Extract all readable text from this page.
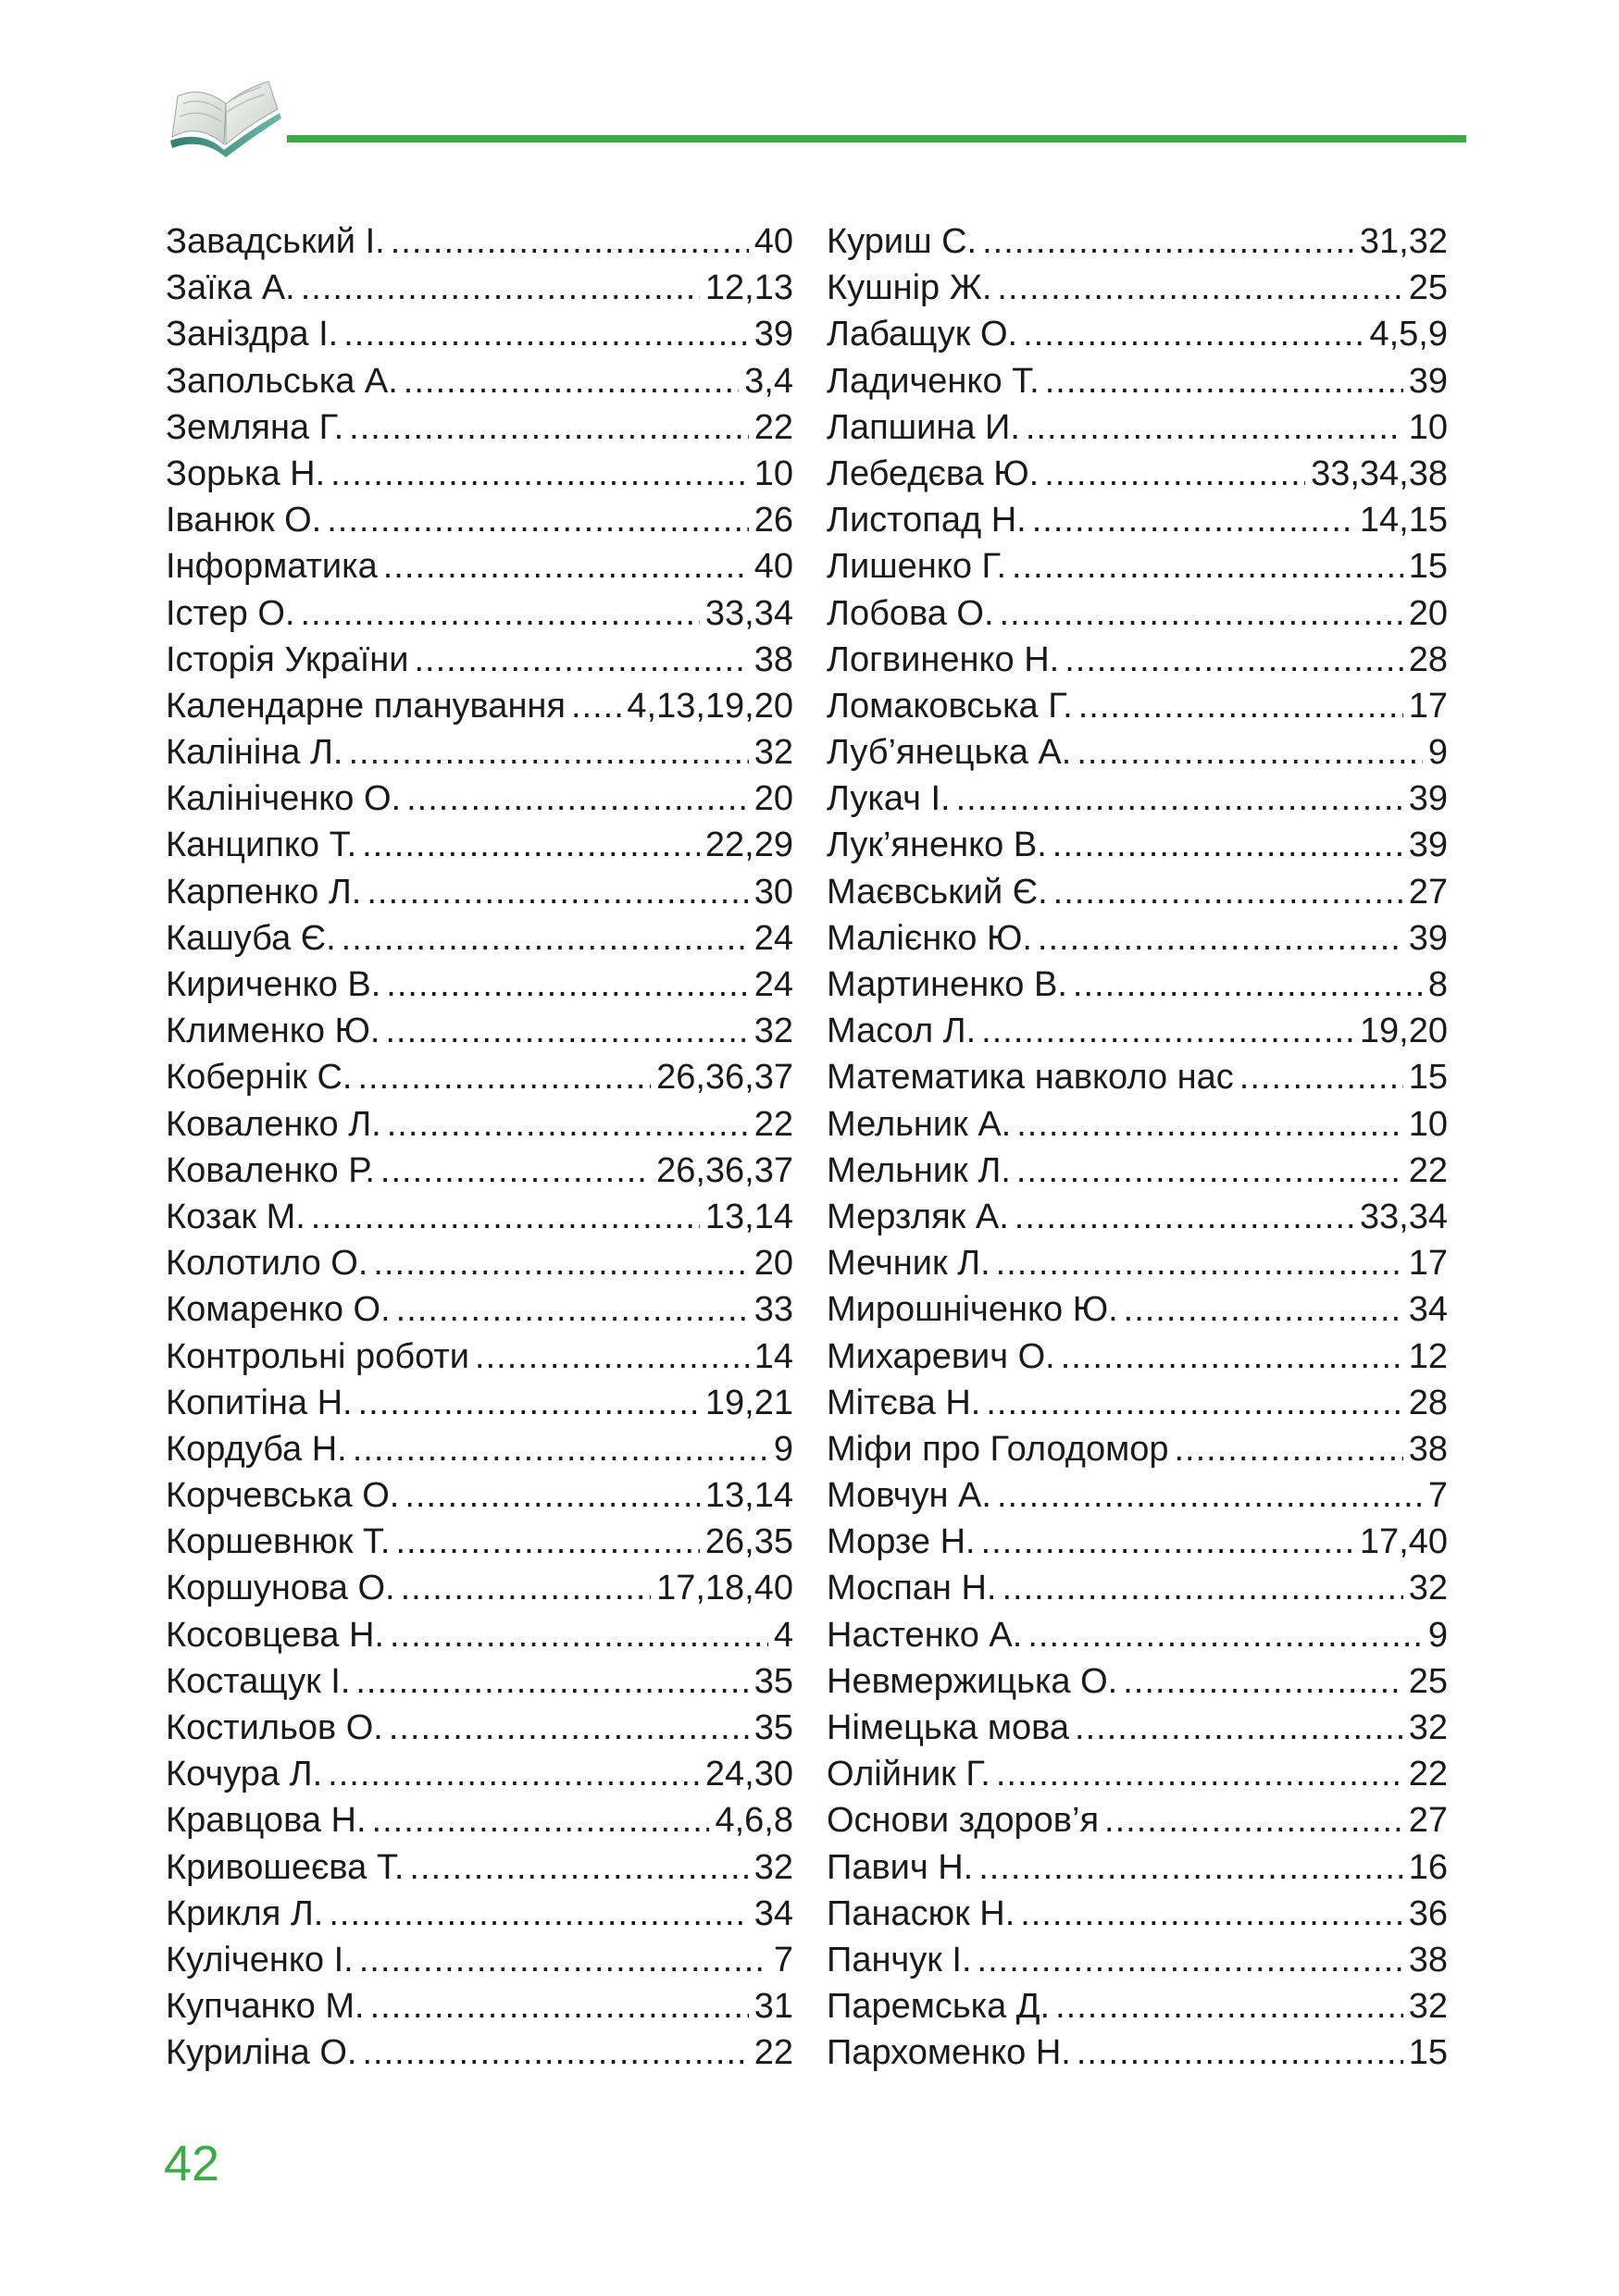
Завадський І. .....	40
Заїка А. .....	12,13
Заніздра І. .....	39
Запольська А. .....	3,4
Земляна Г. .....	22
Зорька Н. .....	10
Іванюк О. .....	26
Інформатика .....	40
Істер О. .....	33,34
Історія України .....	38
Календарне планування ..... 4,13,19,20
Калініна Л. .....	32
Калініченко О. .....	20
Канципко Т. .....	22,29
Карпенко Л. .....	30
Кашуба Є. .....	24
Кириченко В. .....	24
Клименко Ю. .....	32
Кобернік С. .....	26,36,37
Коваленко Л. .....	22
Коваленко Р. .....	26,36,37
Козак М. .....	13,14
Колотило О. .....	20
Комаренко О. .....	33
Контрольні роботи .....	14
Копитіна Н. .....	19,21
Кордуба Н. .....	9
Корчевська О. .....	13,14
Коршевнюк Т. .....	26,35
Коршунова О. .....	17,18,40
Косовцева Н. .....	4
Костащук І. .....	35
Костильов О. .....	35
Кочура Л. .....	24,30
Кравцова Н. .....	4,6,8
Кривошеєва Т. .....	32
Крикля Л. .....	34
Куліченко І. .....	7
Купчанко М. .....	31
Куриліна О. .....	22
Куриш С. .....	31,32
Кушнір Ж. .....	25
Лабащук О. .....	4,5,9
Ладиченко Т. .....	39
Лапшина И. .....	10
Лебедєва Ю. .....	33,34,38
Листопад Н. .....	14,15
Лишенко Г. .....	15
Лобова О. .....	20
Логвиненко Н. .....	28
Ломаковська Г. .....	17
Луб’янецька А. .....	9
Лукач І. .....	39
Лук’яненко В. .....	39
Маєвський Є. .....	27
Малієнко Ю. .....	39
Мартиненко В. .....	8
Масол Л. .....	19,20
Математика навколо нас .....	15
Мельник А. .....	10
Мельник Л. .....	22
Мерзляк А. .....	33,34
Мечник Л. .....	17
Мирошніченко Ю. .....	34
Михаревич О. .....	12
Мітєва Н. .....	28
Міфи про Голодомор .....	38
Мовчун А. .....	7
Морзе Н. .....	17,40
Моспан Н. .....	32
Настенко А. .....	9
Невмержицька О. .....	25
Німецька мова .....	32
Олійник Г. .....	22
Основи здоров’я .....	27
Павич Н. .....	16
Панасюк Н. .....	36
Панчук І. .....	38
Паремська Д. .....	32
Пархоменко Н. .....	15
42
